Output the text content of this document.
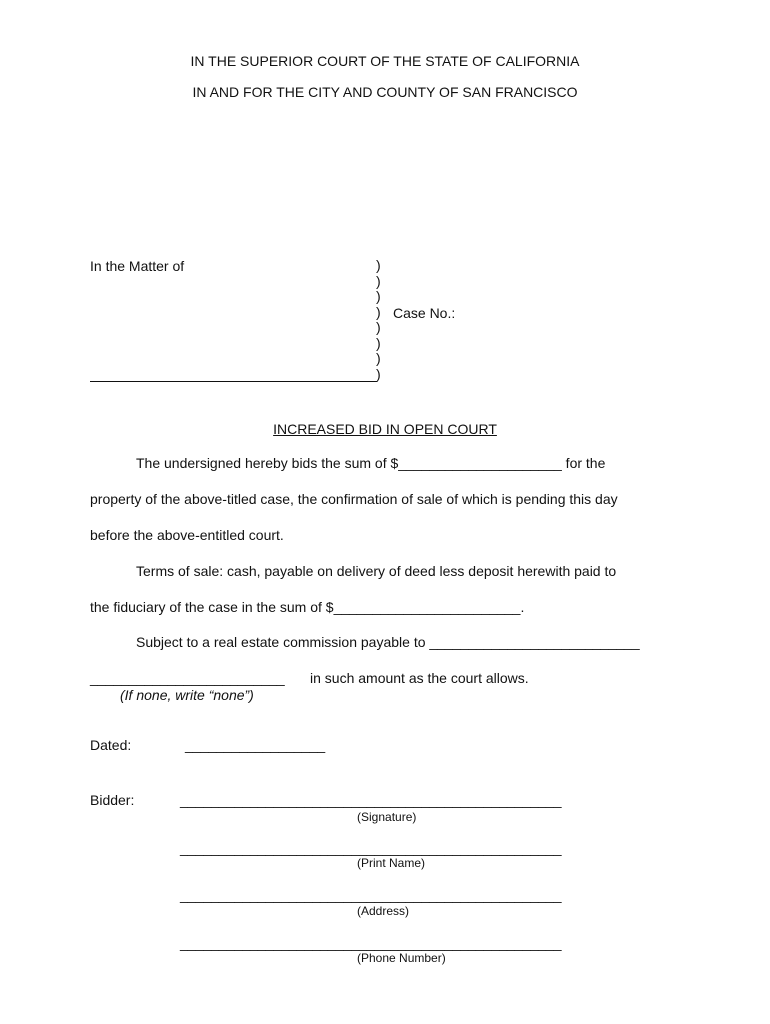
IN THE SUPERIOR COURT OF THE STATE OF CALIFORNIA
IN AND FOR THE CITY AND COUNTY OF SAN FRANCISCO
In the Matter of	)
)
)
)
)
)
)
)
Case No.:
INCREASED BID IN OPEN COURT
The undersigned hereby bids the sum of $_____________________ for the
property of the above-titled case, the confirmation of sale of which is pending this day
before the above-entitled court.
Terms of sale: cash, payable on delivery of deed less deposit herewith paid to
the fiduciary of the case in the sum of $________________________.
Subject to a real estate commission payable to ___________________________
_________________________ in such amount as the court allows.
(If none, write “none”)
Dated:	__________________
Bidder:	_________________________________________________
(Signature)
_________________________________________________
(Print Name)
_________________________________________________
(Address)
_________________________________________________
(Phone Number)
